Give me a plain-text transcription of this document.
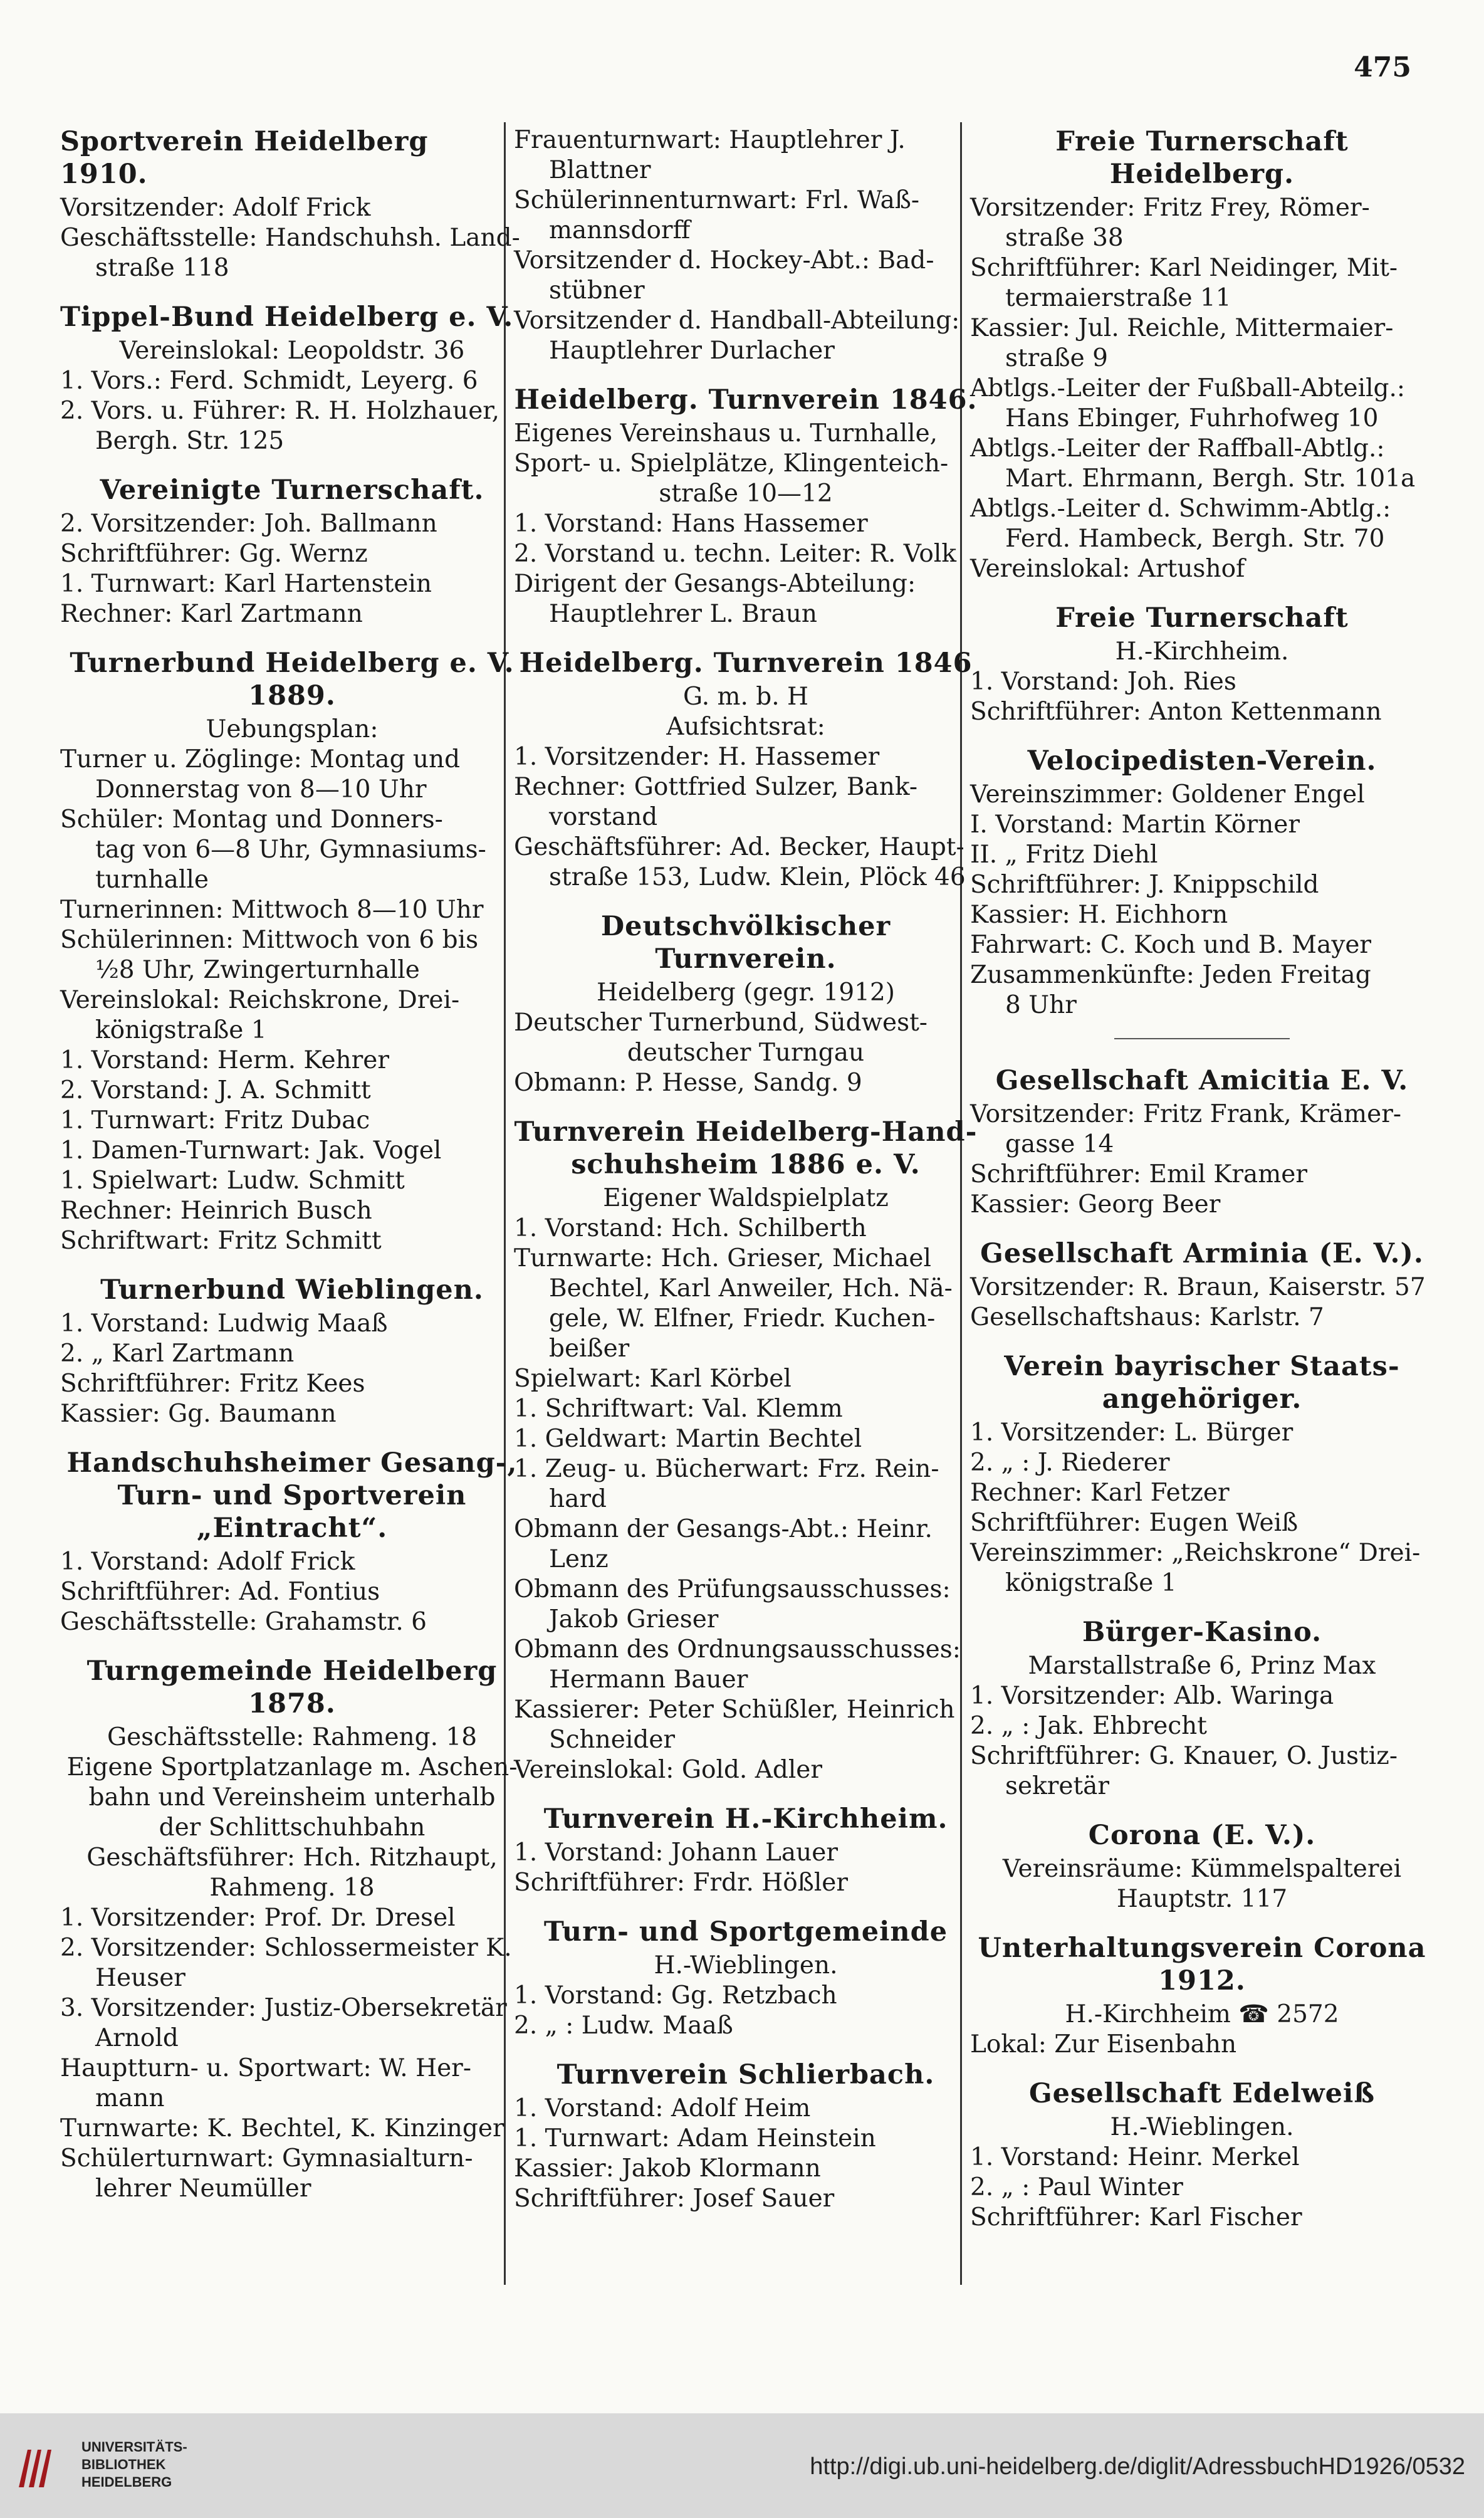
475
Sportverein Heidelberg 1910.
Vorsitzender: Adolf Frick
Geschäftsstelle: Handschuhsh. Land-
straße 118
Tippel-Bund Heidelberg e. V.
Vereinslokal: Leopoldstr. 36
1. Vors.: Ferd. Schmidt, Leyerg. 6
2. Vors. u. Führer: R. H. Holzhauer,
Bergh. Str. 125
Vereinigte Turnerschaft.
2. Vorsitzender: Joh. Ballmann
Schriftführer: Gg. Wernz
1. Turnwart: Karl Hartenstein
Rechner: Karl Zartmann
Turnerbund Heidelberg e. V. 1889.
Uebungsplan:
Turner u. Zöglinge: Montag und
Donnerstag von 8—10 Uhr
Schüler: Montag und Donners-
tag von 6—8 Uhr, Gymnasiums-
turnhalle
Turnerinnen: Mittwoch 8—10 Uhr
Schülerinnen: Mittwoch von 6 bis
½8 Uhr, Zwingerturnhalle
Vereinslokal: Reichskrone, Drei-
königstraße 1
1. Vorstand: Herm. Kehrer
2. Vorstand: J. A. Schmitt
1. Turnwart: Fritz Dubac
1. Damen-Turnwart: Jak. Vogel
1. Spielwart: Ludw. Schmitt
Rechner: Heinrich Busch
Schriftwart: Fritz Schmitt
Turnerbund Wieblingen.
1. Vorstand: Ludwig Maaß
2. „ Karl Zartmann
Schriftführer: Fritz Kees
Kassier: Gg. Baumann
Handschuhsheimer Gesang-, Turn- und Sportverein „Eintracht“.
1. Vorstand: Adolf Frick
Schriftführer: Ad. Fontius
Geschäftsstelle: Grahamstr. 6
Turngemeinde Heidelberg 1878.
Geschäftsstelle: Rahmeng. 18
Eigene Sportplatzanlage m. Aschen-
bahn und Vereinsheim unterhalb
der Schlittschuhbahn
Geschäftsführer: Hch. Ritzhaupt,
Rahmeng. 18
1. Vorsitzender: Prof. Dr. Dresel
2. Vorsitzender: Schlossermeister K.
Heuser
3. Vorsitzender: Justiz-Obersekretär
Arnold
Hauptturn- u. Sportwart: W. Her-
mann
Turnwarte: K. Bechtel, K. Kinzinger
Schülerturnwart: Gymnasialturn-
lehrer Neumüller
Frauenturnwart: Hauptlehrer J.
Blattner
Schülerinnenturnwart: Frl. Waß-
mannsdorff
Vorsitzender d. Hockey-Abt.: Bad-
stübner
Vorsitzender d. Handball-Abteilung:
Hauptlehrer Durlacher
Heidelberg. Turnverein 1846.
Eigenes Vereinshaus u. Turnhalle,
Sport- u. Spielplätze, Klingenteich-
straße 10—12
1. Vorstand: Hans Hassemer
2. Vorstand u. techn. Leiter: R. Volk
Dirigent der Gesangs-Abteilung:
Hauptlehrer L. Braun
Heidelberg. Turnverein 1846
G. m. b. H
Aufsichtsrat:
1. Vorsitzender: H. Hassemer
Rechner: Gottfried Sulzer, Bank-
vorstand
Geschäftsführer: Ad. Becker, Haupt-
straße 153, Ludw. Klein, Plöck 46
Deutschvölkischer Turnverein.
Heidelberg (gegr. 1912)
Deutscher Turnerbund, Südwest-
deutscher Turngau
Obmann: P. Hesse, Sandg. 9
Turnverein Heidelberg-Hand-schuhsheim 1886 e. V.
Eigener Waldspielplatz
1. Vorstand: Hch. Schilberth
Turnwarte: Hch. Grieser, Michael
Bechtel, Karl Anweiler, Hch. Nä-
gele, W. Elfner, Friedr. Kuchen-
beißer
Spielwart: Karl Körbel
1. Schriftwart: Val. Klemm
1. Geldwart: Martin Bechtel
1. Zeug- u. Bücherwart: Frz. Rein-
hard
Obmann der Gesangs-Abt.: Heinr.
Lenz
Obmann des Prüfungsausschusses:
Jakob Grieser
Obmann des Ordnungsausschusses:
Hermann Bauer
Kassierer: Peter Schüßler, Heinrich
Schneider
Vereinslokal: Gold. Adler
Turnverein H.-Kirchheim.
1. Vorstand: Johann Lauer
Schriftführer: Frdr. Hößler
Turn- und Sportgemeinde
H.-Wieblingen.
1. Vorstand: Gg. Retzbach
2. „ : Ludw. Maaß
Turnverein Schlierbach.
1. Vorstand: Adolf Heim
1. Turnwart: Adam Heinstein
Kassier: Jakob Klormann
Schriftführer: Josef Sauer
Freie Turnerschaft Heidelberg.
Vorsitzender: Fritz Frey, Römer-
straße 38
Schriftführer: Karl Neidinger, Mit-
termaierstraße 11
Kassier: Jul. Reichle, Mittermaier-
straße 9
Abtlgs.-Leiter der Fußball-Abteilg.:
Hans Ebinger, Fuhrhofweg 10
Abtlgs.-Leiter der Raffball-Abtlg.:
Mart. Ehrmann, Bergh. Str. 101a
Abtlgs.-Leiter d. Schwimm-Abtlg.:
Ferd. Hambeck, Bergh. Str. 70
Vereinslokal: Artushof
Freie Turnerschaft
H.-Kirchheim.
1. Vorstand: Joh. Ries
Schriftführer: Anton Kettenmann
Velocipedisten-Verein.
Vereinszimmer: Goldener Engel
I. Vorstand: Martin Körner
II. „ Fritz Diehl
Schriftführer: J. Knippschild
Kassier: H. Eichhorn
Fahrwart: C. Koch und B. Mayer
Zusammenkünfte: Jeden Freitag
8 Uhr
Gesellschaft Amicitia E. V.
Vorsitzender: Fritz Frank, Krämer-
gasse 14
Schriftführer: Emil Kramer
Kassier: Georg Beer
Gesellschaft Arminia (E. V.).
Vorsitzender: R. Braun, Kaiserstr. 57
Gesellschaftshaus: Karlstr. 7
Verein bayrischer Staats-angehöriger.
1. Vorsitzender: L. Bürger
2. „ : J. Riederer
Rechner: Karl Fetzer
Schriftführer: Eugen Weiß
Vereinszimmer: „Reichskrone“ Drei-
königstraße 1
Bürger-Kasino.
Marstallstraße 6, Prinz Max
1. Vorsitzender: Alb. Waringa
2. „ : Jak. Ehbrecht
Schriftführer: G. Knauer, O. Justiz-
sekretär
Corona (E. V.).
Vereinsräume: Kümmelspalterei
Hauptstr. 117
Unterhaltungsverein Corona 1912.
H.-Kirchheim ☎ 2572
Lokal: Zur Eisenbahn
Gesellschaft Edelweiß
H.-Wieblingen.
1. Vorstand: Heinr. Merkel
2. „ : Paul Winter
Schriftführer: Karl Fischer
UNIVERSITÄTS-
BIBLIOTHEK
HEIDELBERG
http://digi.ub.uni-heidelberg.de/diglit/AdressbuchHD1926/0532
